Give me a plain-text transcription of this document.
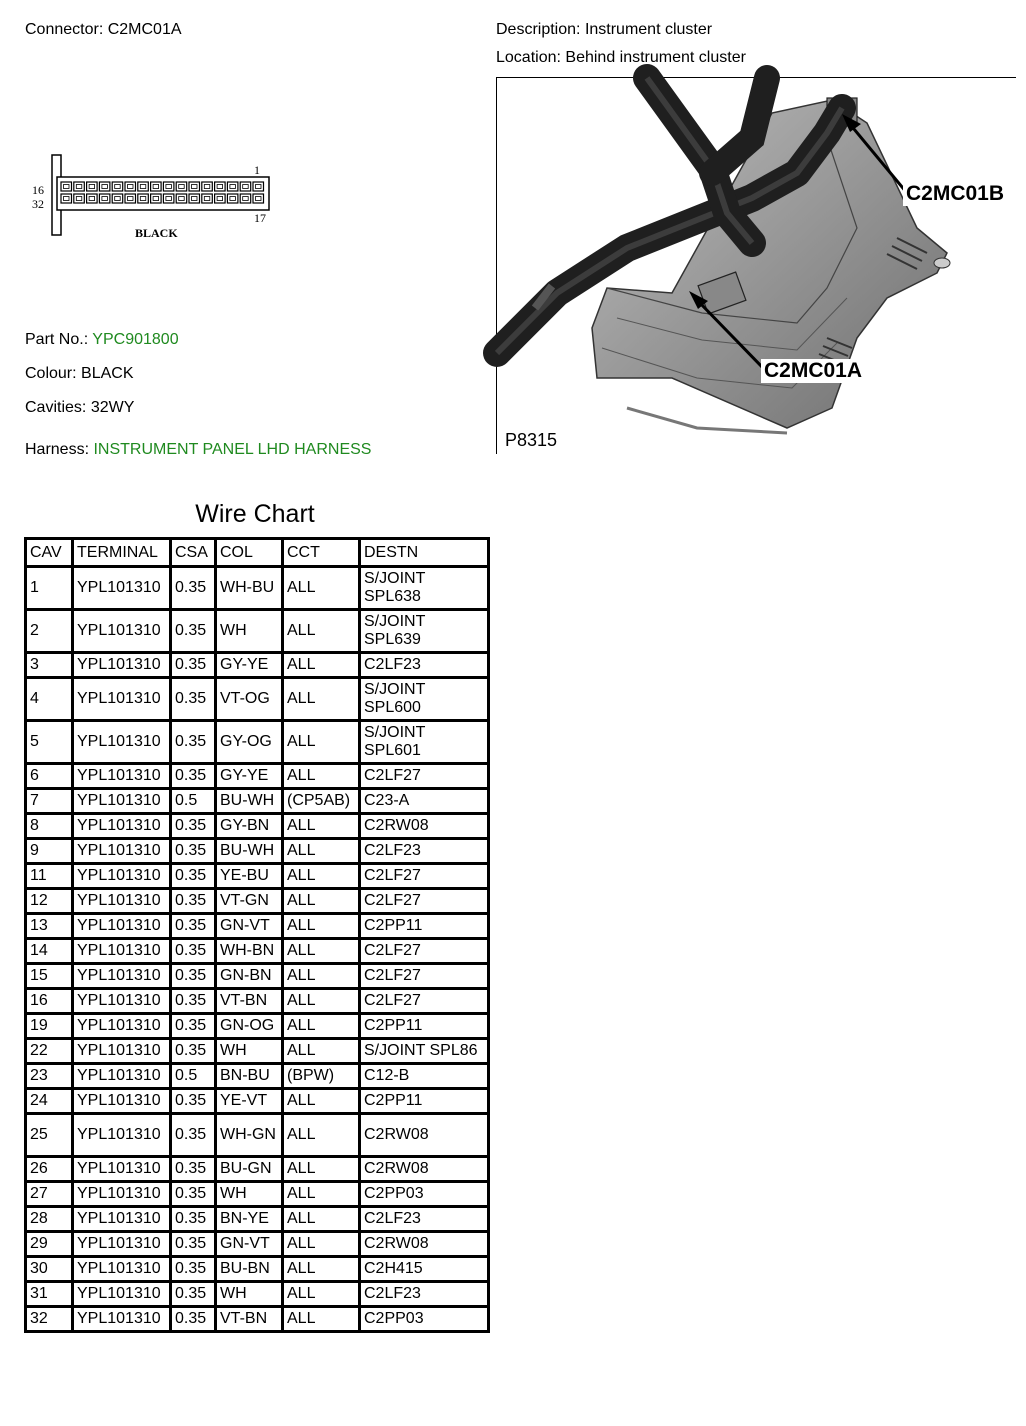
Connector: C2MC01A	Description: Instrument cluster
Location: Behind instrument cluster
16
32
1
17
BLACK
Part No.: YPC901800
Colour: BLACK
Cavities: 32WY
Harness: INSTRUMENT PANEL LHD HARNESS
C2MC01B
C2MC01A
P8315
Wire Chart
CAV	TERMINAL	CSA	COL	CCT	DESTN
1	YPL101310	0.35	WH-BU	ALL	S/JOINT SPL638
2	YPL101310	0.35	WH	ALL	S/JOINT SPL639
3	YPL101310	0.35	GY-YE	ALL	C2LF23
4	YPL101310	0.35	VT-OG	ALL	S/JOINT SPL600
5	YPL101310	0.35	GY-OG	ALL	S/JOINT SPL601
6	YPL101310	0.35	GY-YE	ALL	C2LF27
7	YPL101310	0.5	BU-WH	(CP5AB)	C23-A
8	YPL101310	0.35	GY-BN	ALL	C2RW08
9	YPL101310	0.35	BU-WH	ALL	C2LF23
11	YPL101310	0.35	YE-BU	ALL	C2LF27
12	YPL101310	0.35	VT-GN	ALL	C2LF27
13	YPL101310	0.35	GN-VT	ALL	C2PP11
14	YPL101310	0.35	WH-BN	ALL	C2LF27
15	YPL101310	0.35	GN-BN	ALL	C2LF27
16	YPL101310	0.35	VT-BN	ALL	C2LF27
19	YPL101310	0.35	GN-OG	ALL	C2PP11
22	YPL101310	0.35	WH	ALL	S/JOINT SPL86
23	YPL101310	0.5	BN-BU	(BPW)	C12-B
24	YPL101310	0.35	YE-VT	ALL	C2PP11
25	YPL101310	0.35	WH-GN	ALL	C2RW08
26	YPL101310	0.35	BU-GN	ALL	C2RW08
27	YPL101310	0.35	WH	ALL	C2PP03
28	YPL101310	0.35	BN-YE	ALL	C2LF23
29	YPL101310	0.35	GN-VT	ALL	C2RW08
30	YPL101310	0.35	BU-BN	ALL	C2H415
31	YPL101310	0.35	WH	ALL	C2LF23
32	YPL101310	0.35	VT-BN	ALL	C2PP03
